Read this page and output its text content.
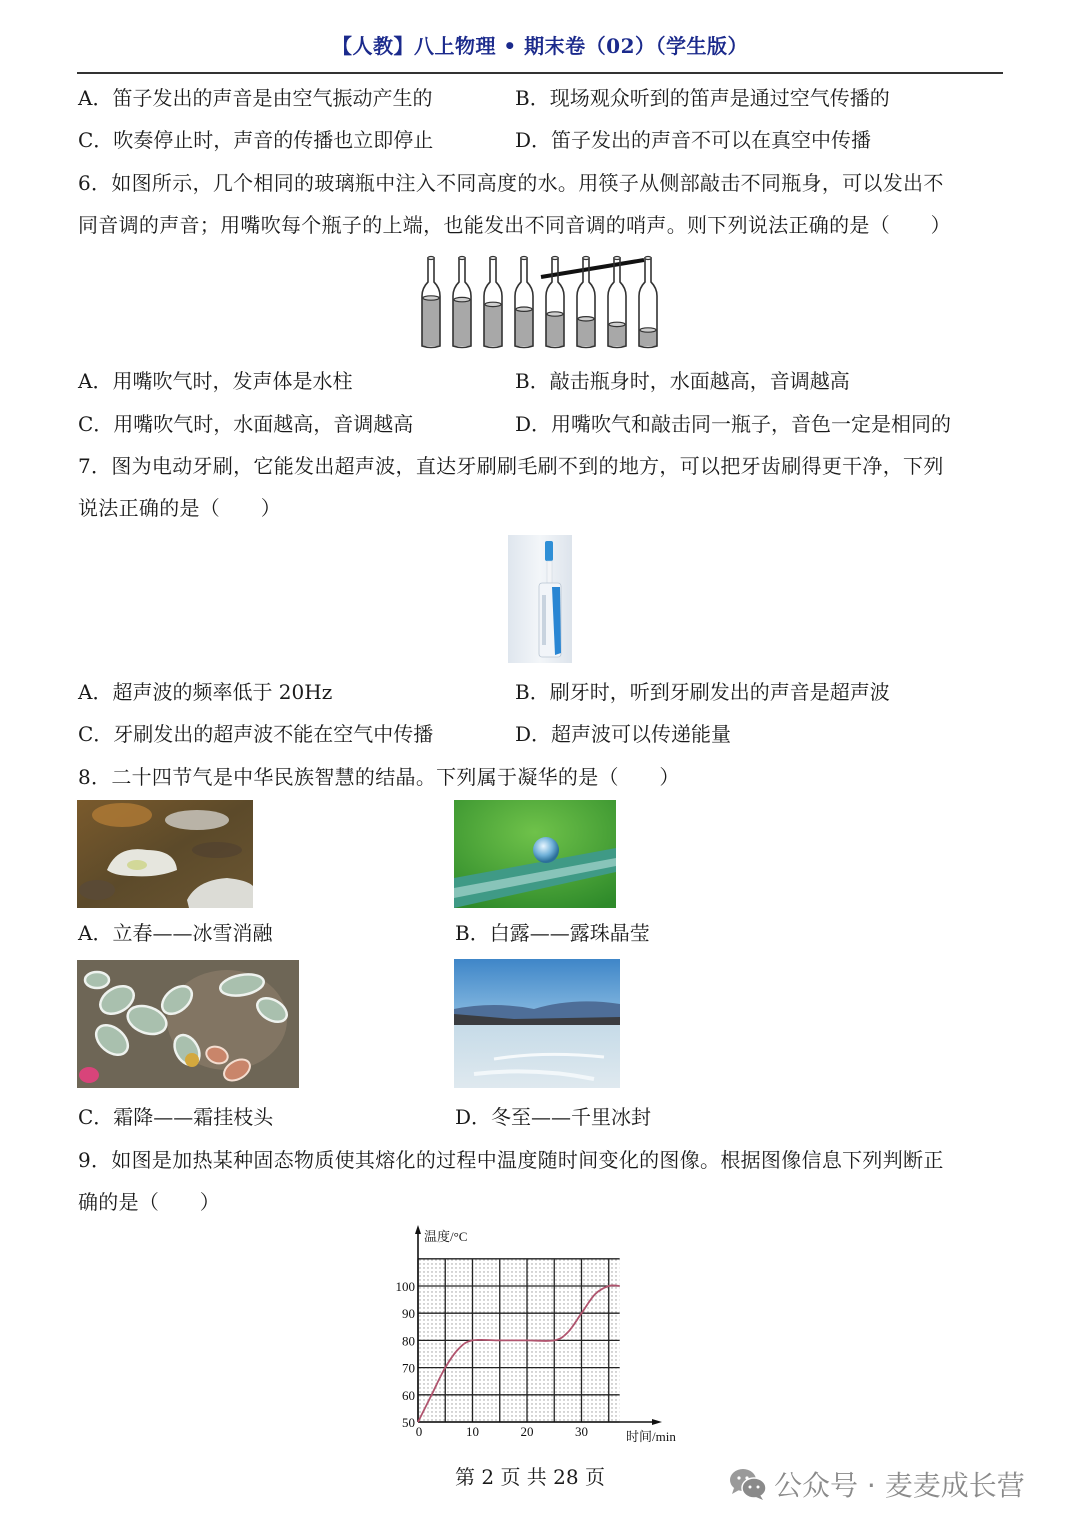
【人教】八上物理 • 期末卷（02）（学生版）
A．笛子发出的声音是由空气振动产生的	B．现场观众听到的笛声是通过空气传播的
C．吹奏停止时，声音的传播也立即停止	D．笛子发出的声音不可以在真空中传播
6．如图所示，几个相同的玻璃瓶中注入不同高度的水。用筷子从侧部敲击不同瓶身，可以发出不
同音调的声音；用嘴吹每个瓶子的上端，也能发出不同音调的哨声。则下列说法正确的是（　　）
A．用嘴吹气时，发声体是水柱	B．敲击瓶身时，水面越高，音调越高
C．用嘴吹气时，水面越高，音调越高	D．用嘴吹气和敲击同一瓶子，音色一定是相同的
7．图为电动牙刷，它能发出超声波，直达牙刷刷毛刷不到的地方，可以把牙齿刷得更干净，下列
说法正确的是（　　）
A．超声波的频率低于 20Hz	B．刷牙时，听到牙刷发出的声音是超声波
C．牙刷发出的超声波不能在空气中传播	D．超声波可以传递能量
8．二十四节气是中华民族智慧的结晶。下列属于凝华的是（　　）
A．立春——冰雪消融	B．白露——露珠晶莹
C．霜降——霜挂枝头	D．冬至——千里冰封
9．如图是加热某种固态物质使其熔化的过程中温度随时间变化的图像。根据图像信息下列判断正
确的是（　　）
50
60
70
80
90
100
0	10	20	30
温度/°C
时间/min
第 2 页 共 28 页	公众号 · 麦麦成长营
